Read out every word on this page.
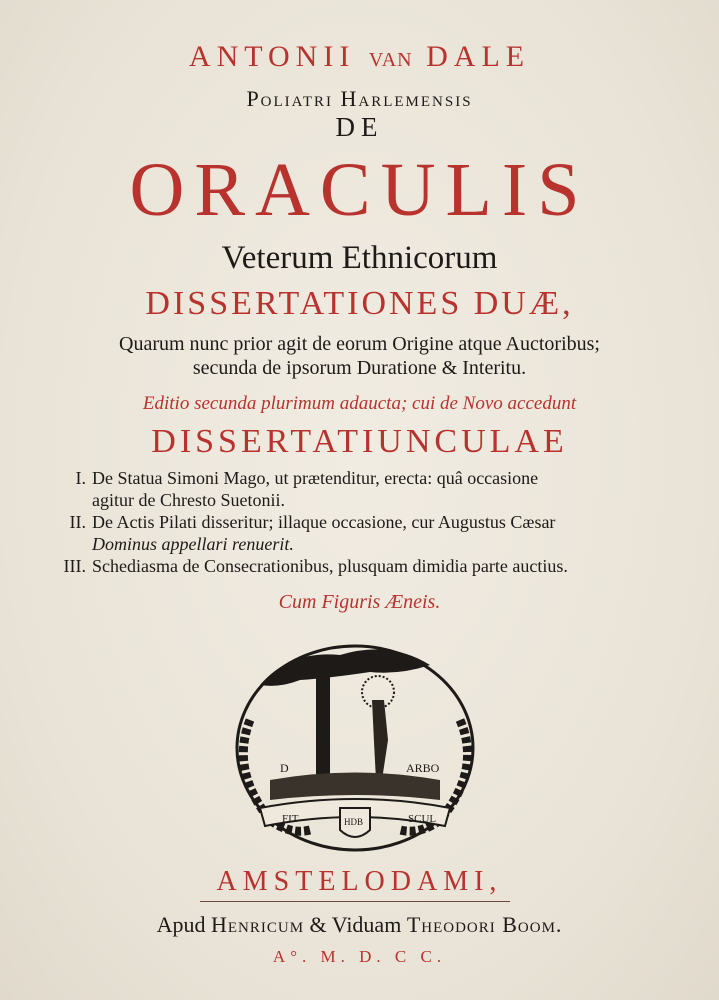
ANTONII VAN DALE
Poliatri Harlemensis
DE
ORACULIS
Veterum Ethnicorum
DISSERTATIONES DUÆ,
Quarum nunc prior agit de eorum Origine atque Auctoribus;
secunda de ipsorum Duratione & Interitu.
Editio secunda plurimum adaucta; cui de Novo accedunt
DISSERTATIUNCULAE
I. De Statua Simoni Mago, ut prætenditur, erecta: quâ occasione
agitur de Chresto Suetonii.
II. De Actis Pilati disseritur; illaque occasione, cur Augustus Cæsar
Dominus appellari renuerit.
III. Schediasma de Consecrationibus, plusquam dimidia parte auctius.
Cum Figuris Æneis.
FIT	SCUL
D	ARBO
HDB
AMSTELODAMI,
Apud Henricum & Viduam Theodori Boom.
A°. M. D. C C.
